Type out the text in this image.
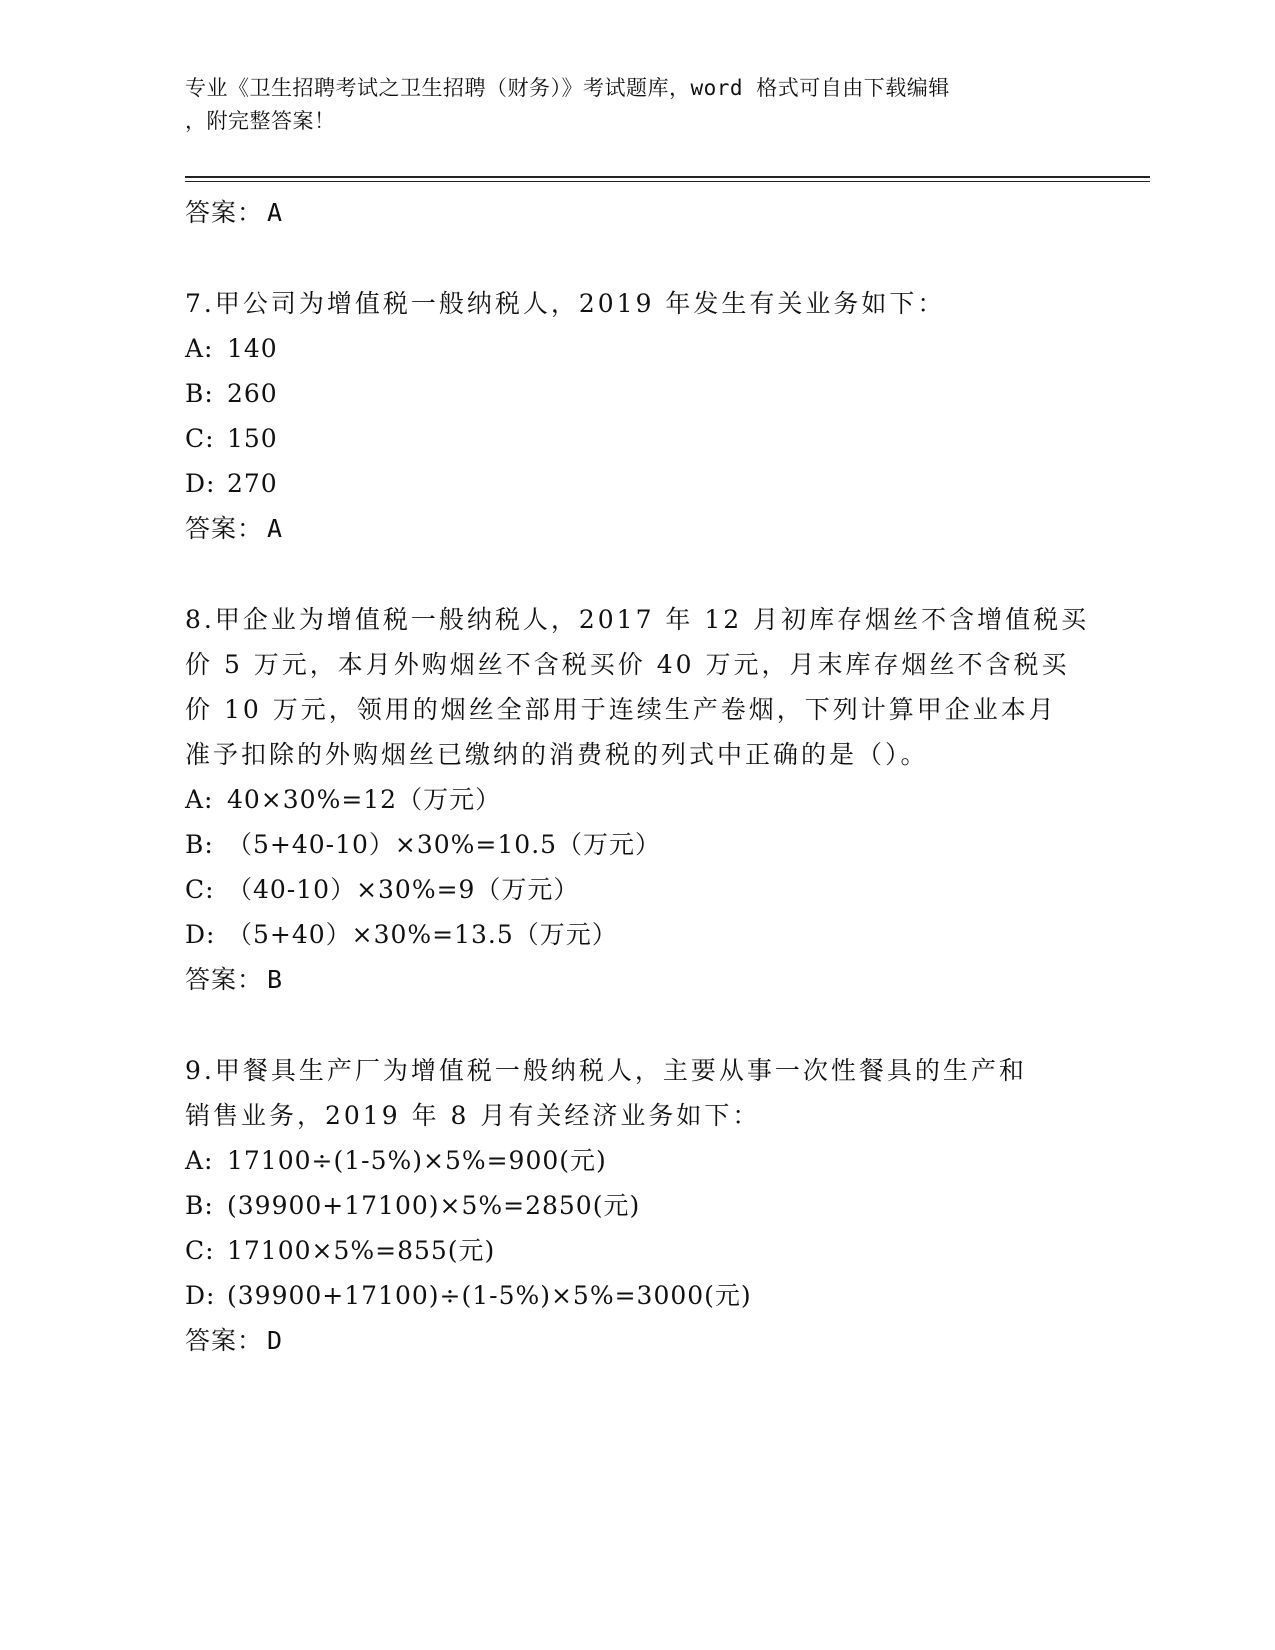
专业《卫生招聘考试之卫生招聘（财务）》考试题库，word 格式可自由下载编辑
，附完整答案！
答案： A
7.甲公司为增值税一般纳税人，2019 年发生有关业务如下：
A: 140
B: 260
C: 150
D: 270
答案： A
8.甲企业为增值税一般纳税人，2017 年 12 月初库存烟丝不含增值税买
价 5 万元，本月外购烟丝不含税买价 40 万元，月末库存烟丝不含税买
价 10 万元，领用的烟丝全部用于连续生产卷烟，下列计算甲企业本月
准予扣除的外购烟丝已缴纳的消费税的列式中正确的是（）。
A: 40×30%=12（万元）
B: （5+40-10）×30%=10.5（万元）
C: （40-10）×30%=9（万元）
D: （5+40）×30%=13.5（万元）
答案： B
9.甲餐具生产厂为增值税一般纳税人，主要从事一次性餐具的生产和
销售业务，2019 年 8 月有关经济业务如下：
A: 17100÷(1-5%)×5%=900(元)
B: (39900+17100)×5%=2850(元)
C: 17100×5%=855(元)
D: (39900+17100)÷(1-5%)×5%=3000(元)
答案： D
